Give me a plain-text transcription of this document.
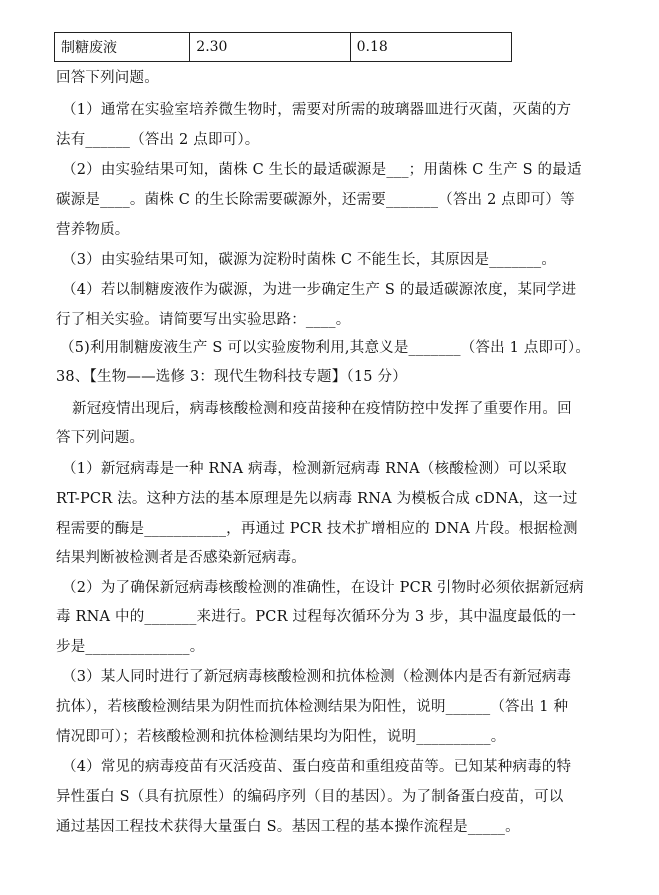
制糖废液	2.30	0.18
回答下列问题。
（1）通常在实验室培养微生物时，需要对所需的玻璃器皿进行灭菌，灭菌的方
法有______（答出 2 点即可）。
（2）由实验结果可知，菌株 C 生长的最适碳源是___；用菌株 C 生产 S 的最适
碳源是____。菌株 C 的生长除需要碳源外，还需要_______（答出 2 点即可）等
营养物质。
（3）由实验结果可知，碳源为淀粉时菌株 C 不能生长，其原因是_______。
（4）若以制糖废液作为碳源，为进一步确定生产 S 的最适碳源浓度，某同学进
行了相关实验。请简要写出实验思路：____。
（5)利用制糖废液生产 S 可以实验废物利用,其意义是_______（答出 1 点即可）。
38、【生物——选修 3：现代生物科技专题】（15 分）
新冠疫情出现后，病毒核酸检测和疫苗接种在疫情防控中发挥了重要作用。回
答下列问题。
（1）新冠病毒是一种 RNA 病毒，检测新冠病毒 RNA（核酸检测）可以采取
RT-PCR 法。这种方法的基本原理是先以病毒 RNA 为模板合成 cDNA，这一过
程需要的酶是___________，再通过 PCR 技术扩增相应的 DNA 片段。根据检测
结果判断被检测者是否感染新冠病毒。
（2）为了确保新冠病毒核酸检测的准确性，在设计 PCR 引物时必须依据新冠病
毒 RNA 中的_______来进行。PCR 过程每次循环分为 3 步，其中温度最低的一
步是______________。
（3）某人同时进行了新冠病毒核酸检测和抗体检测（检测体内是否有新冠病毒
抗体），若核酸检测结果为阴性而抗体检测结果为阳性，说明______（答出 1 种
情况即可）；若核酸检测和抗体检测结果均为阳性，说明__________。
（4）常见的病毒疫苗有灭活疫苗、蛋白疫苗和重组疫苗等。已知某种病毒的特
异性蛋白 S（具有抗原性）的编码序列（目的基因）。为了制备蛋白疫苗，可以
通过基因工程技术获得大量蛋白 S。基因工程的基本操作流程是_____。
